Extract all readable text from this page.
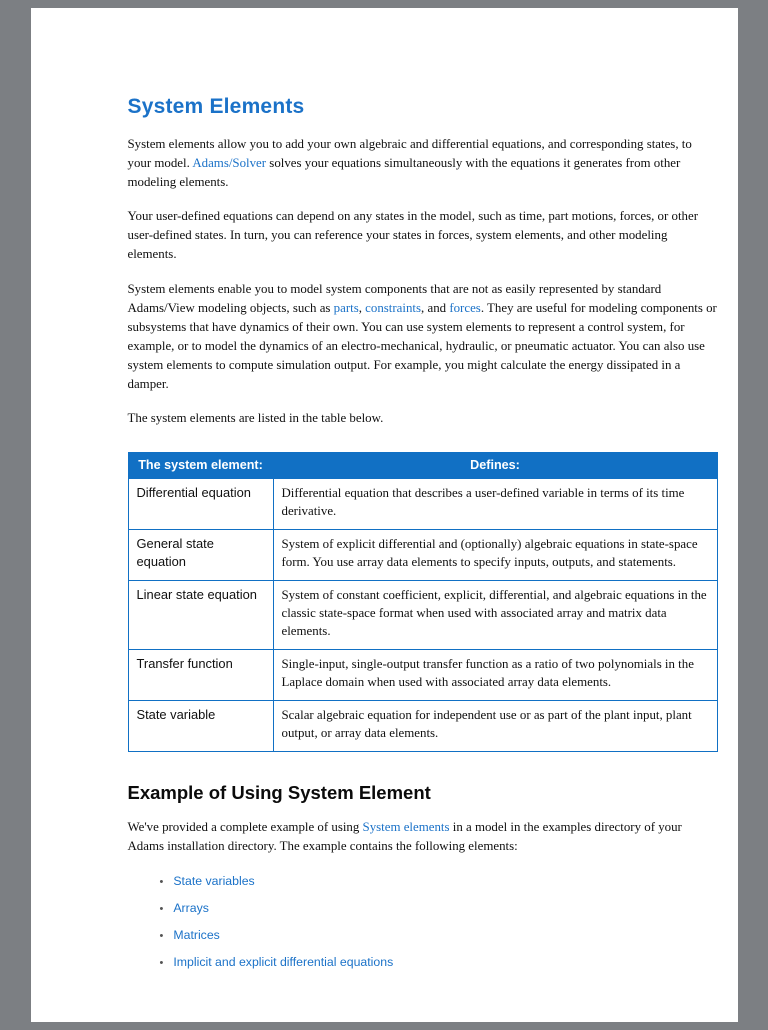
System Elements

System elements allow you to add your own algebraic and differential equations, and corresponding states, to your model. Adams/Solver solves your equations simultaneously with the equations it generates from other modeling elements.

Your user-defined equations can depend on any states in the model, such as time, part motions, forces, or other user-defined states. In turn, you can reference your states in forces, system elements, and other modeling elements.

System elements enable you to model system components that are not as easily represented by standard Adams/View modeling objects, such as parts, constraints, and forces. They are useful for modeling components or subsystems that have dynamics of their own. You can use system elements to represent a control system, for example, or to model the dynamics of an electro-mechanical, hydraulic, or pneumatic actuator. You can also use system elements to compute simulation output. For example, you might calculate the energy dissipated in a damper.

The system elements are listed in the table below.

The system element:	Defines:
Differential equation	Differential equation that describes a user-defined variable in terms of its time derivative.
General state equation	System of explicit differential and (optionally) algebraic equations in state-space form. You use array data elements to specify inputs, outputs, and statements.
Linear state equation	System of constant coefficient, explicit, differential, and algebraic equations in the classic state-space format when used with associated array and matrix data elements.
Transfer function	Single-input, single-output transfer function as a ratio of two polynomials in the Laplace domain when used with associated array data elements.
State variable	Scalar algebraic equation for independent use or as part of the plant input, plant output, or array data elements.
Example of Using System Element

We've provided a complete example of using System elements in a model in the examples directory of your Adams installation directory. The example contains the following elements:

• State variables
• Arrays
• Matrices
• Implicit and explicit differential equations
